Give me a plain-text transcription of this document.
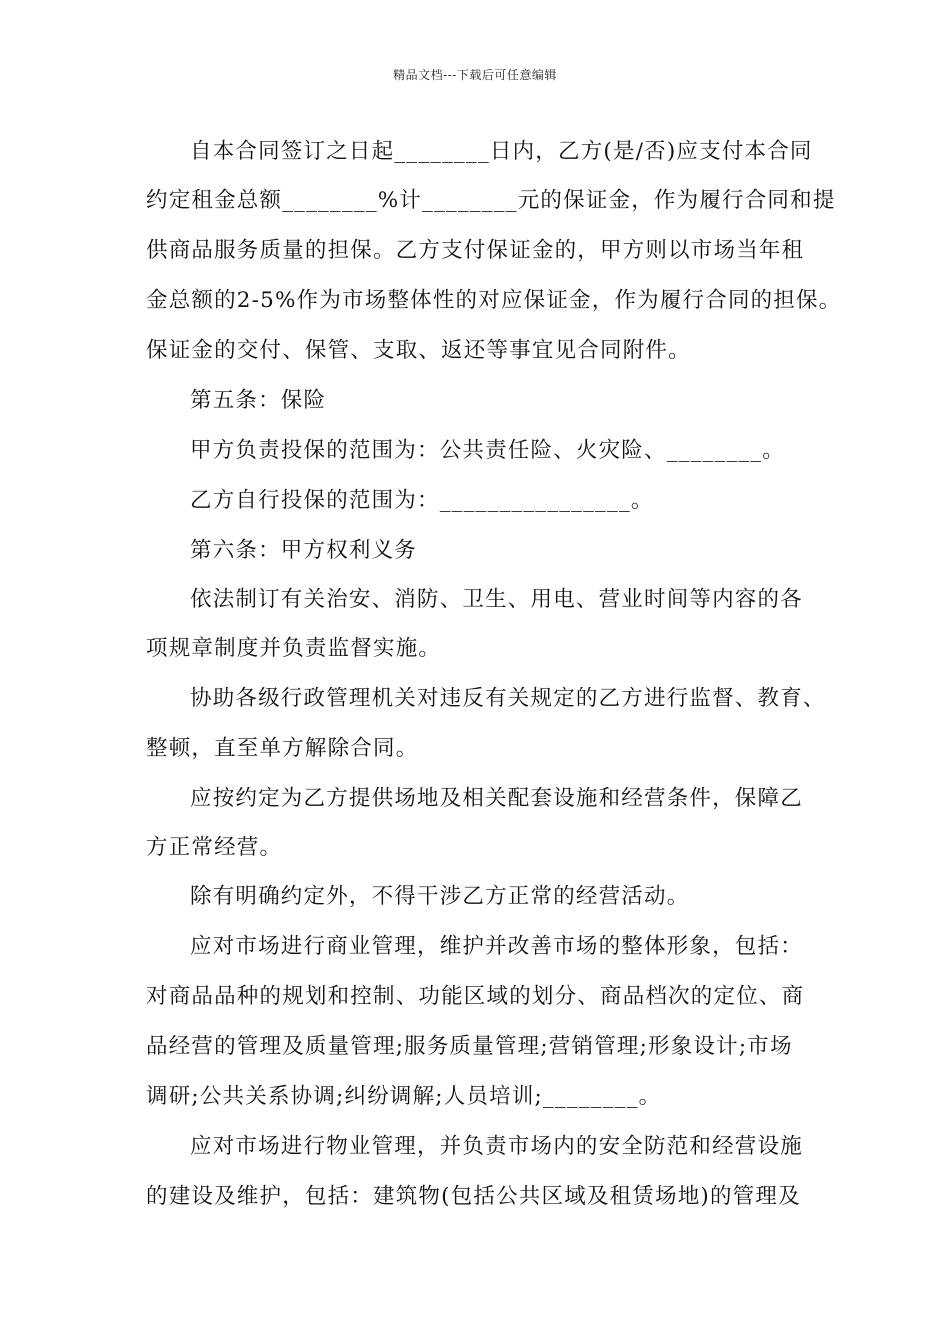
精品文档---下载后可任意编辑
自本合同签订之日起________日内，乙方(是/否)应支付本合同
约定租金总额________%计________元的保证金，作为履行合同和提
供商品服务质量的担保。乙方支付保证金的，甲方则以市场当年租
金总额的2-5%作为市场整体性的对应保证金，作为履行合同的担保。
保证金的交付、保管、支取、返还等事宜见合同附件。
第五条：保险
甲方负责投保的范围为：公共责任险、火灾险、________。
乙方自行投保的范围为：________________。
第六条：甲方权利义务
依法制订有关治安、消防、卫生、用电、营业时间等内容的各
项规章制度并负责监督实施。
协助各级行政管理机关对违反有关规定的乙方进行监督、教育、
整顿，直至单方解除合同。
应按约定为乙方提供场地及相关配套设施和经营条件，保障乙
方正常经营。
除有明确约定外，不得干涉乙方正常的经营活动。
应对市场进行商业管理，维护并改善市场的整体形象，包括：
对商品品种的规划和控制、功能区域的划分、商品档次的定位、商
品经营的管理及质量管理;服务质量管理;营销管理;形象设计;市场
调研;公共关系协调;纠纷调解;人员培训;________。
应对市场进行物业管理，并负责市场内的安全防范和经营设施
的建设及维护，包括：建筑物(包括公共区域及租赁场地)的管理及
